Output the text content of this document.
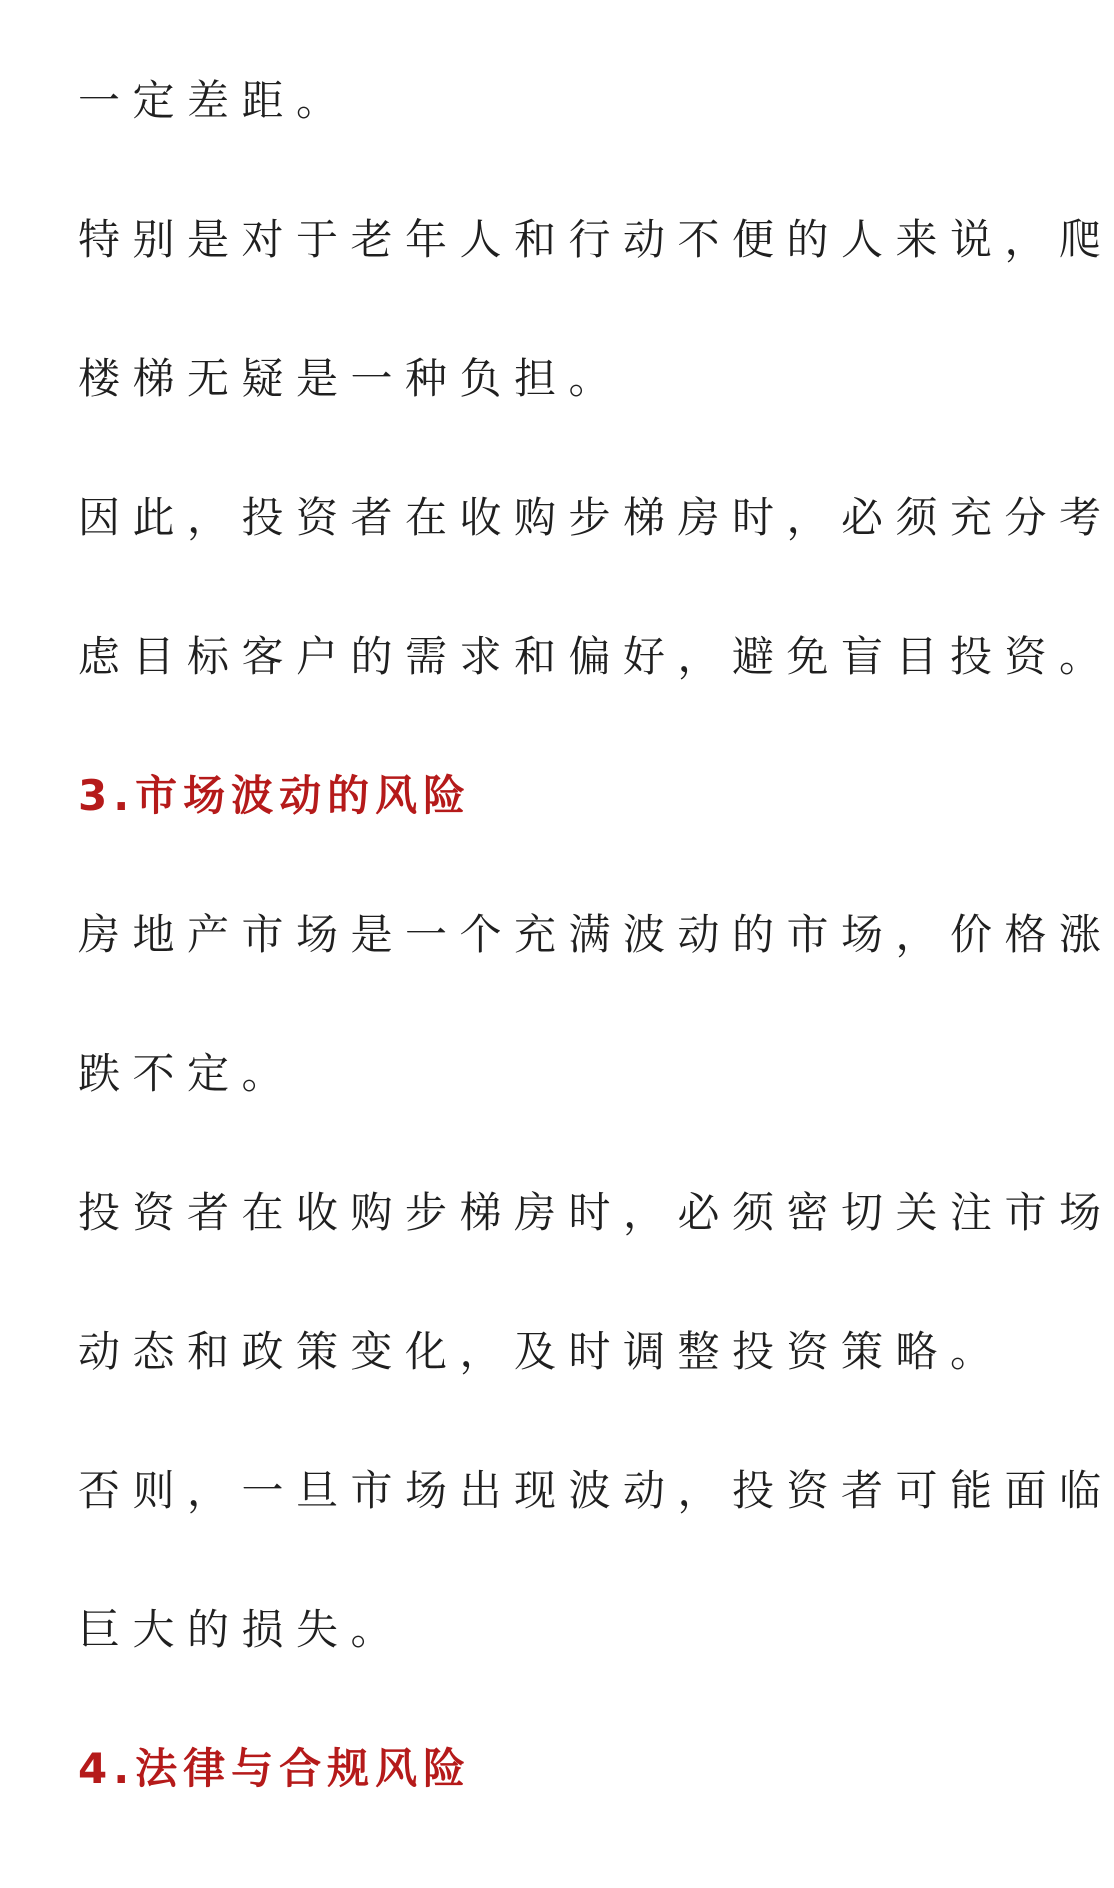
一定差距。
特别是对于老年人和行动不便的人来说，爬
楼梯无疑是一种负担。
因此，投资者在收购步梯房时，必须充分考
虑目标客户的需求和偏好，避免盲目投资。
3.市场波动的风险
房地产市场是一个充满波动的市场，价格涨
跌不定。
投资者在收购步梯房时，必须密切关注市场
动态和政策变化，及时调整投资策略。
否则，一旦市场出现波动，投资者可能面临
巨大的损失。
4.法律与合规风险
